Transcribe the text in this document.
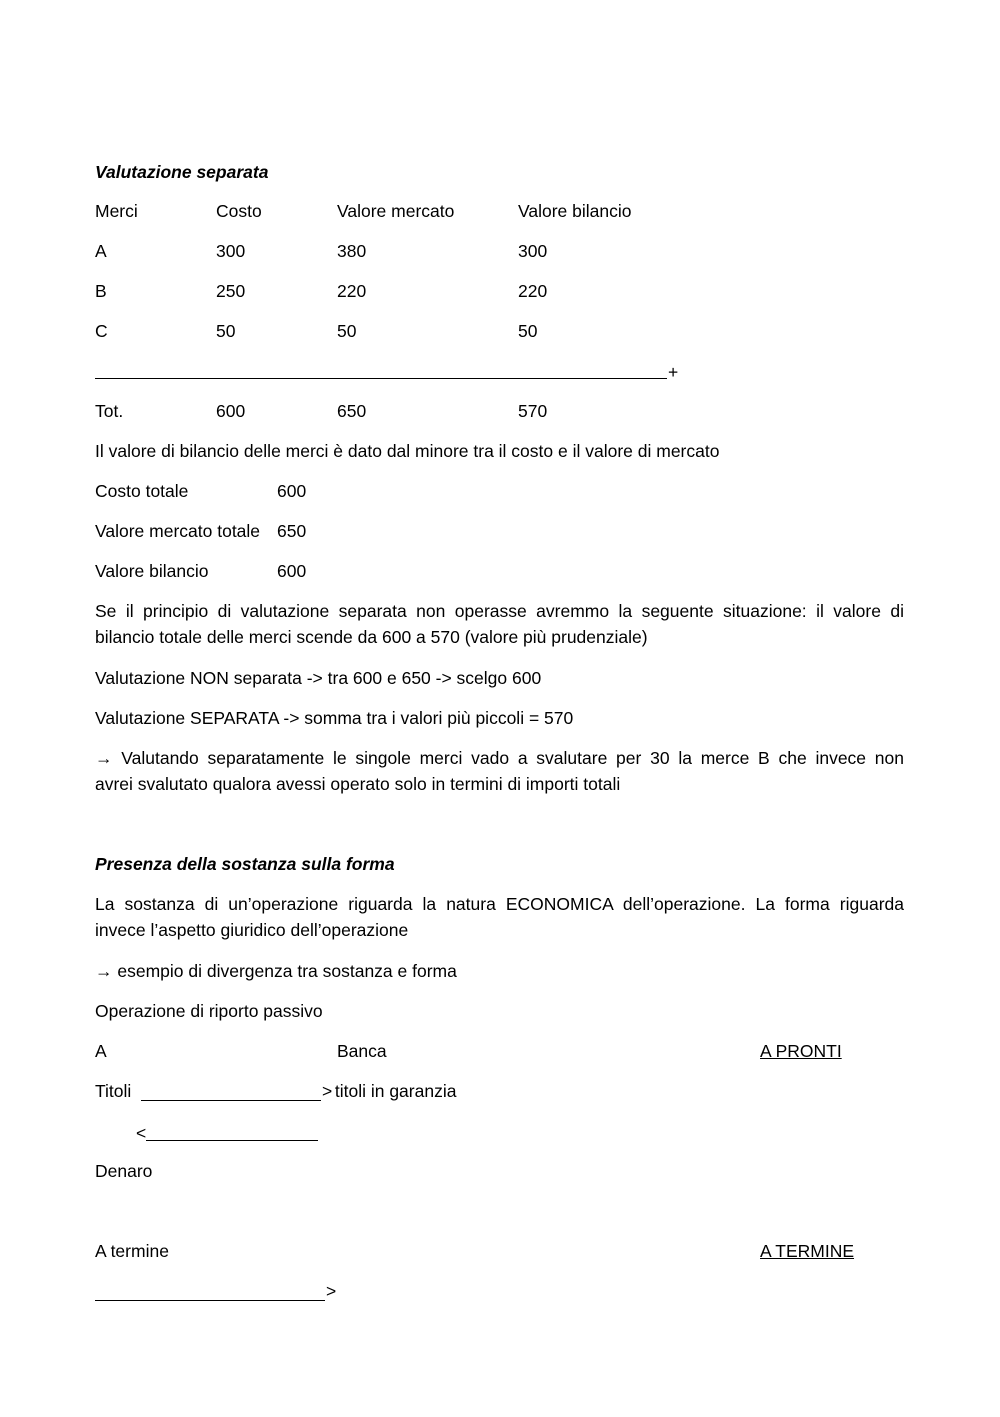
Valutazione separata
Merci	Costo	Valore mercato	Valore bilancio
A	300	380	300
B	250	220	220
C	50	50	50
+
Tot.	600	650	570
Il valore di bilancio delle merci è dato dal minore tra il costo e il valore di mercato
Costo totale	600
Valore mercato totale 650
Valore bilancio	600
Se il principio di valutazione separata non operasse avremmo la seguente situazione: il valore di
bilancio totale delle merci scende da 600 a 570 (valore più prudenziale)
Valutazione NON separata -> tra 600 e 650 -> scelgo 600
Valutazione SEPARATA -> somma tra i valori più piccoli = 570
→ Valutando separatamente le singole merci vado a svalutare per 30 la merce B che invece non
avrei svalutato qualora avessi operato solo in termini di importi totali
Presenza della sostanza sulla forma
La sostanza di un’operazione riguarda la natura ECONOMICA dell’operazione. La forma riguarda
invece l’aspetto giuridico dell’operazione
→ esempio di divergenza tra sostanza e forma
Operazione di riporto passivo
A	Banca	A PRONTI
Titoli	>
titoli in garanzia
<
Denaro
A termine	A TERMINE
>
